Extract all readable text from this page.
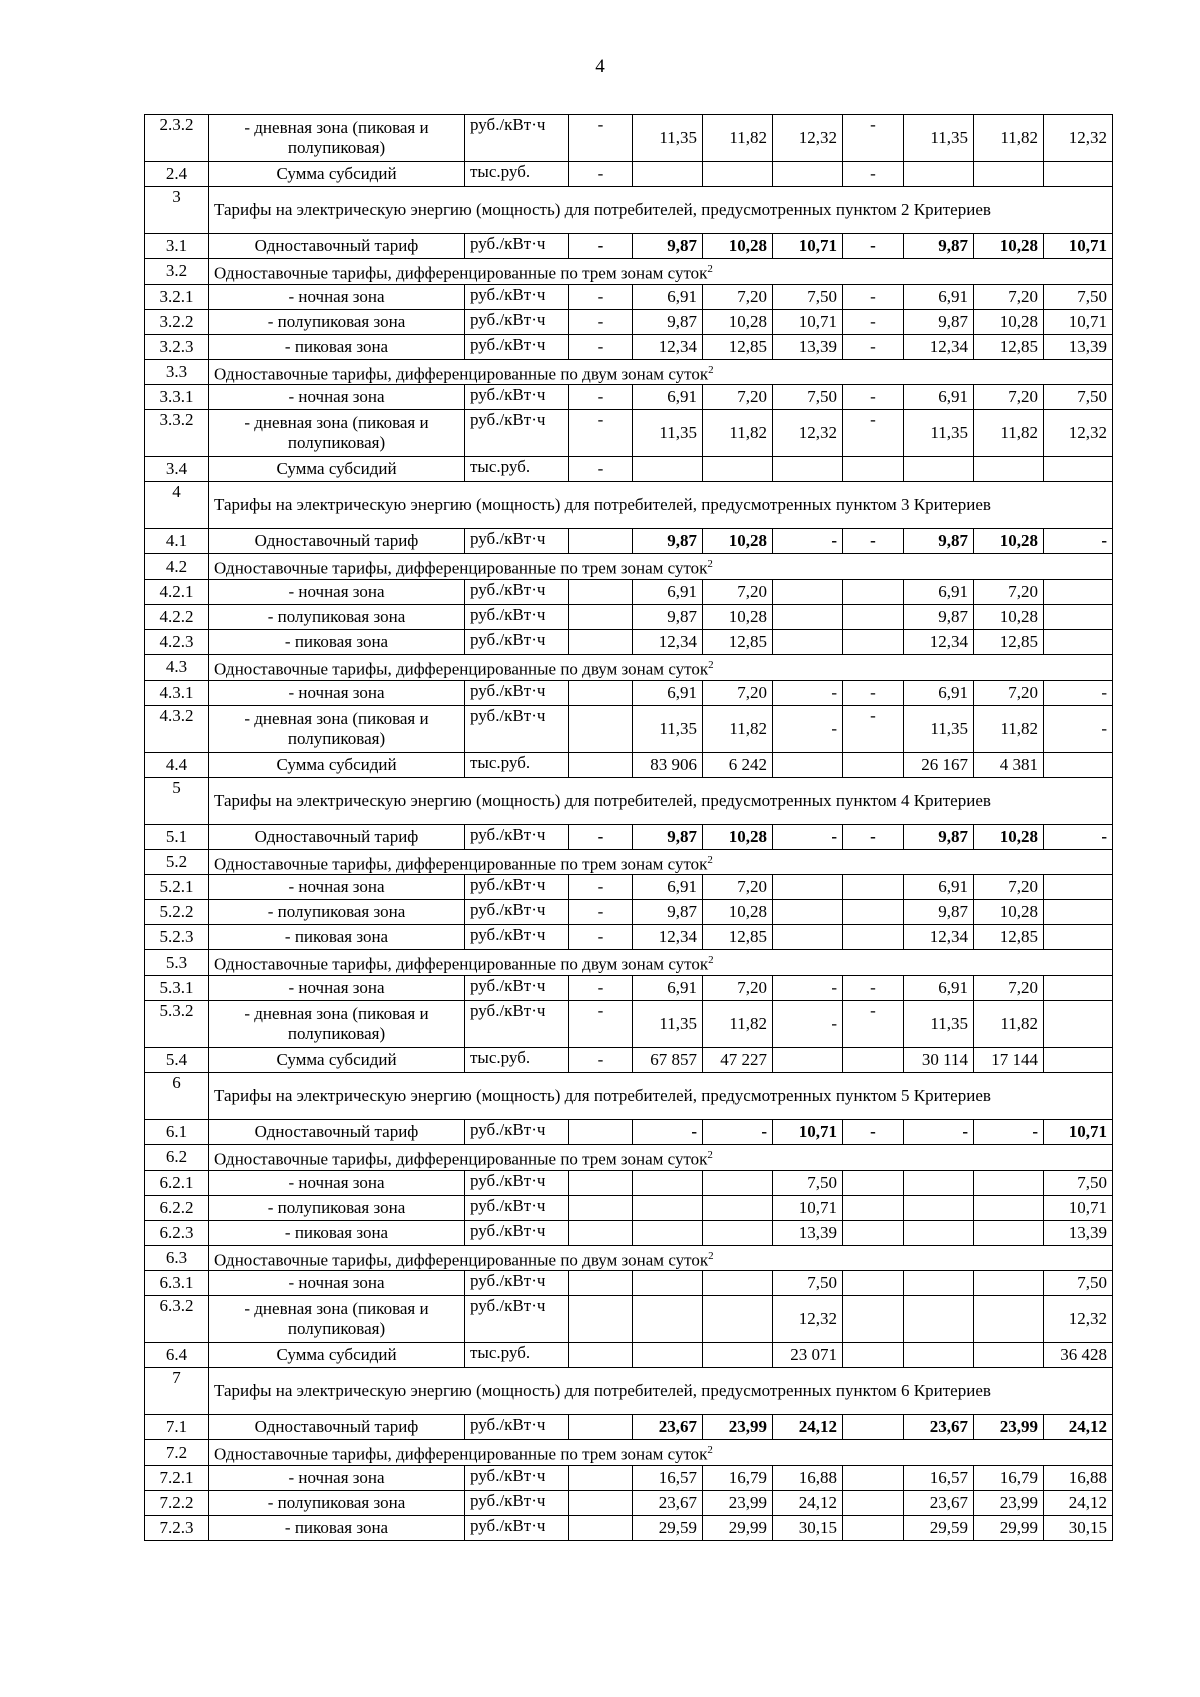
4
2.3.2	- дневная зона (пиковая и полупиковая)	руб./кВт·ч	-	11,35	11,82	12,32	-	11,35	11,82	12,32
2.4	Сумма субсидий	тыс.руб.	-				-			
3	Тарифы на электрическую энергию (мощность) для потребителей, предусмотренных пунктом 2 Критериев									
3.1	Одноставочный тариф	руб./кВт·ч	-	9,87	10,28	10,71	-	9,87	10,28	10,71
3.2	Одноставочные тарифы, дифференцированные по трем зонам суток$^2$
3.2.1	- ночная зона	руб./кВт·ч	-	6,91	7,20	7,50	-	6,91	7,20	7,50
3.2.2	- полупиковая зона	руб./кВт·ч	-	9,87	10,28	10,71	-	9,87	10,28	10,71
3.2.3	- пиковая зона	руб./кВт·ч	-	12,34	12,85	13,39	-	12,34	12,85	13,39
3.3	Одноставочные тарифы, дифференцированные по двум зонам суток$^2$
3.3.1	- ночная зона	руб./кВт·ч	-	6,91	7,20	7,50	-	6,91	7,20	7,50
3.3.2	- дневная зона (пиковая и полупиковая)	руб./кВт·ч	-	11,35	11,82	12,32	-	11,35	11,82	12,32
3.4	Сумма субсидий	тыс.руб.	-							
4	Тарифы на электрическую энергию (мощность) для потребителей, предусмотренных пунктом 3 Критериев									
4.1	Одноставочный тариф	руб./кВт·ч		9,87	10,28	-	-	9,87	10,28	-
4.2	Одноставочные тарифы, дифференцированные по трем зонам суток$^2$
4.2.1	- ночная зона	руб./кВт·ч		6,91	7,20			6,91	7,20	
4.2.2	- полупиковая зона	руб./кВт·ч		9,87	10,28			9,87	10,28	
4.2.3	- пиковая зона	руб./кВт·ч		12,34	12,85			12,34	12,85	
4.3	Одноставочные тарифы, дифференцированные по двум зонам суток$^2$
4.3.1	- ночная зона	руб./кВт·ч		6,91	7,20	-	-	6,91	7,20	-
4.3.2	- дневная зона (пиковая и полупиковая)	руб./кВт·ч		11,35	11,82	-	-	11,35	11,82	-
4.4	Сумма субсидий	тыс.руб.		83 906	6 242			26 167	4 381	
5	Тарифы на электрическую энергию (мощность) для потребителей, предусмотренных пунктом 4 Критериев									
5.1	Одноставочный тариф	руб./кВт·ч	-	9,87	10,28	-	-	9,87	10,28	-
5.2	Одноставочные тарифы, дифференцированные по трем зонам суток$^2$
5.2.1	- ночная зона	руб./кВт·ч	-	6,91	7,20			6,91	7,20	
5.2.2	- полупиковая зона	руб./кВт·ч	-	9,87	10,28			9,87	10,28	
5.2.3	- пиковая зона	руб./кВт·ч	-	12,34	12,85			12,34	12,85	
5.3	Одноставочные тарифы, дифференцированные по двум зонам суток$^2$
5.3.1	- ночная зона	руб./кВт·ч	-	6,91	7,20	-	-	6,91	7,20	
5.3.2	- дневная зона (пиковая и полупиковая)	руб./кВт·ч	-	11,35	11,82	-	-	11,35	11,82	
5.4	Сумма субсидий	тыс.руб.	-	67 857	47 227			30 114	17 144	
6	Тарифы на электрическую энергию (мощность) для потребителей, предусмотренных пунктом 5 Критериев									
6.1	Одноставочный тариф	руб./кВт·ч		-	-	10,71	-	-	-	10,71
6.2	Одноставочные тарифы, дифференцированные по трем зонам суток$^2$
6.2.1	- ночная зона	руб./кВт·ч				7,50				7,50
6.2.2	- полупиковая зона	руб./кВт·ч				10,71				10,71
6.2.3	- пиковая зона	руб./кВт·ч				13,39				13,39
6.3	Одноставочные тарифы, дифференцированные по двум зонам суток$^2$
6.3.1	- ночная зона	руб./кВт·ч				7,50				7,50
6.3.2	- дневная зона (пиковая и полупиковая)	руб./кВт·ч				12,32				12,32
6.4	Сумма субсидий	тыс.руб.				23 071				36 428
7	Тарифы на электрическую энергию (мощность) для потребителей, предусмотренных пунктом 6 Критериев									
7.1	Одноставочный тариф	руб./кВт·ч		23,67	23,99	24,12		23,67	23,99	24,12
7.2	Одноставочные тарифы, дифференцированные по трем зонам суток$^2$
7.2.1	- ночная зона	руб./кВт·ч		16,57	16,79	16,88		16,57	16,79	16,88
7.2.2	- полупиковая зона	руб./кВт·ч		23,67	23,99	24,12		23,67	23,99	24,12
7.2.3	- пиковая зона	руб./кВт·ч		29,59	29,99	30,15		29,59	29,99	30,15
